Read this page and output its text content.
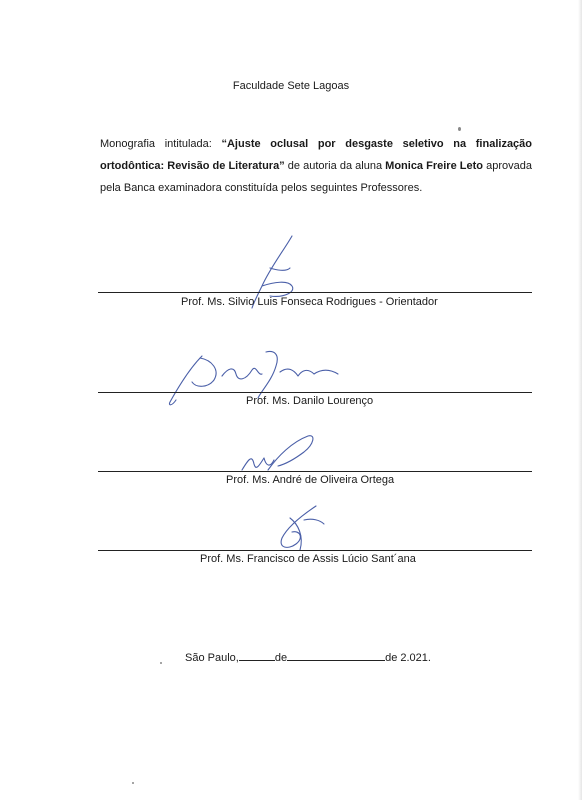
Faculdade Sete Lagoas
Monografia intitulada: “Ajuste oclusal por desgaste seletivo na finalização ortodôntica: Revisão de Literatura” de autoria da aluna Monica Freire Leto aprovada pela Banca examinadora constituída pelos seguintes Professores.
Prof. Ms. Silvio Luis Fonseca Rodrigues - Orientador
Prof. Ms. Danilo Lourenço
Prof. Ms. André de Oliveira Ortega
Prof. Ms. Francisco de Assis Lúcio Sant´ana
São Paulo,	de	de 2.021.
